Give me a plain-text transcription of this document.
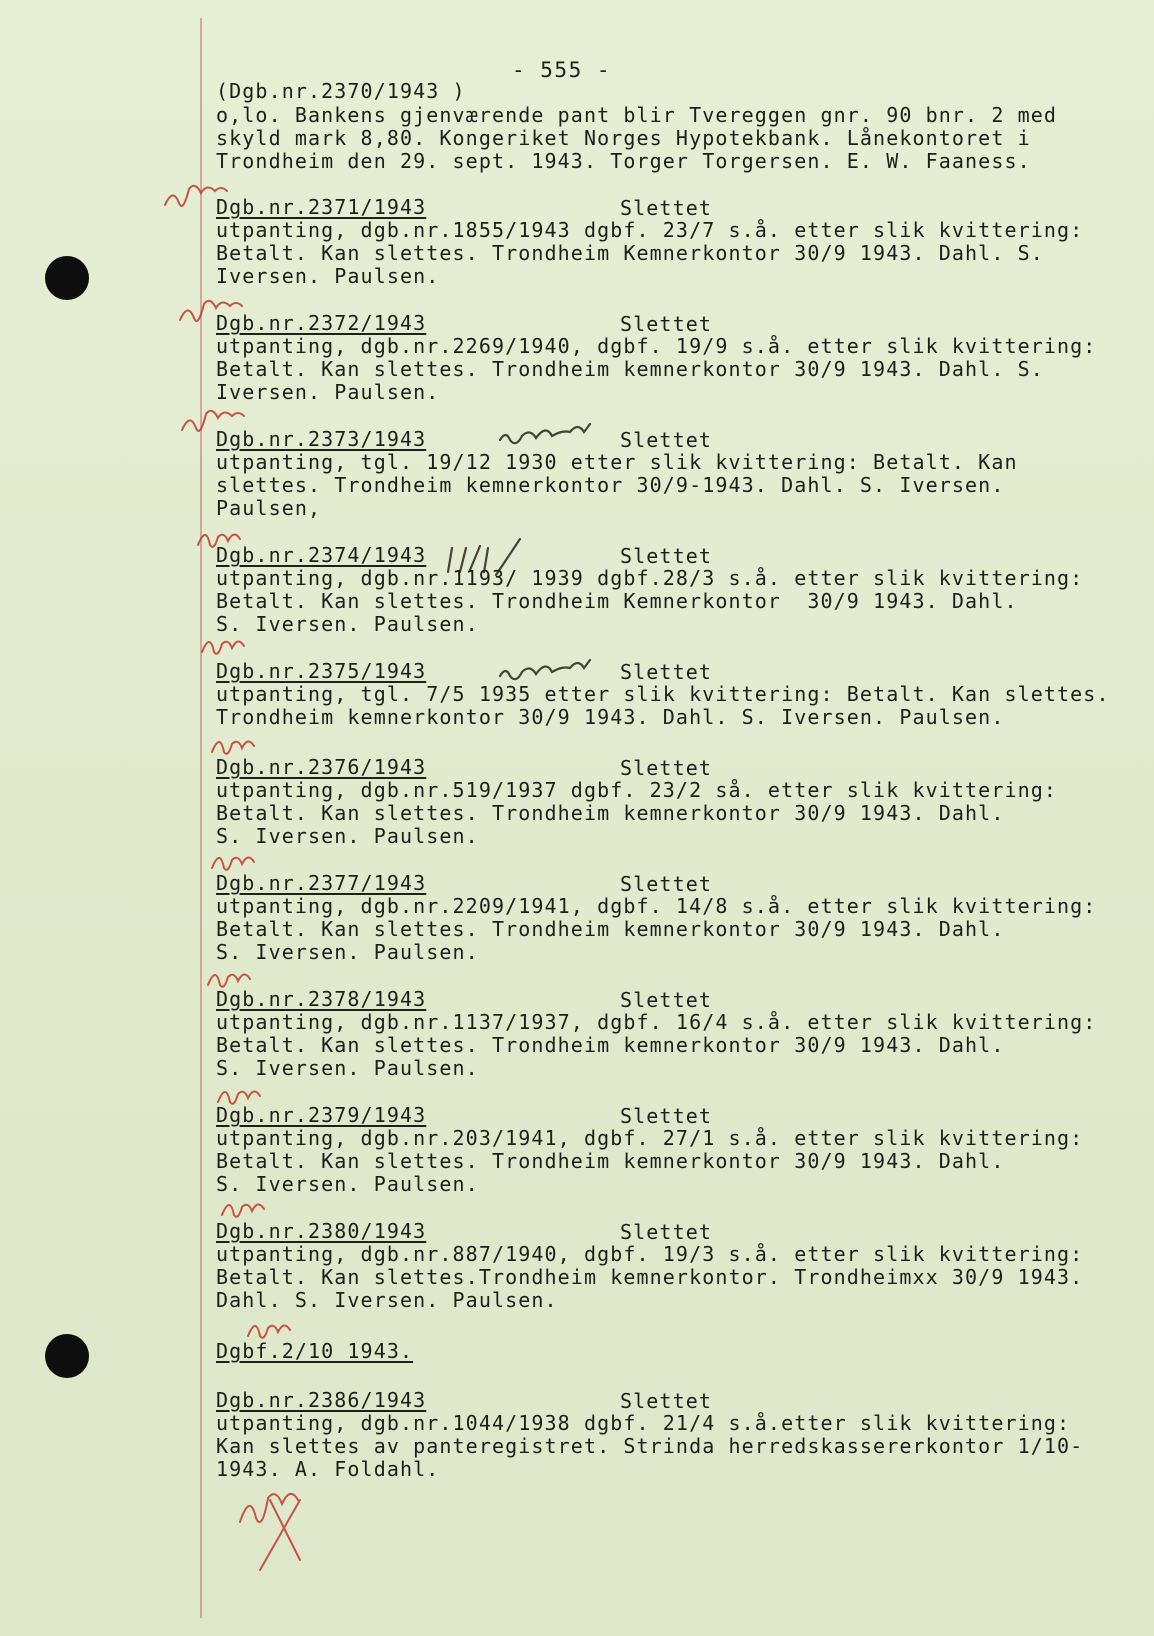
- 555 -
(Dgb.nr.2370/1943 )
o,lo. Bankens gjenværende pant blir Tvereggen gnr. 90 bnr. 2 med
skyld mark 8,80. Kongeriket Norges Hypotekbank. Lånekontoret i
Trondheim den 29. sept. 1943. Torger Torgersen. E. W. Faaness.
Dgb.nr.2371/1943	Slettet
utpanting, dgb.nr.1855/1943 dgbf. 23/7 s.å. etter slik kvittering:
Betalt. Kan slettes. Trondheim Kemnerkontor 30/9 1943. Dahl. S.
Iversen. Paulsen.
Dgb.nr.2372/1943	Slettet
utpanting, dgb.nr.2269/1940, dgbf. 19/9 s.å. etter slik kvittering:
Betalt. Kan slettes. Trondheim kemnerkontor 30/9 1943. Dahl. S.
Iversen. Paulsen.
Dgb.nr.2373/1943	Slettet
utpanting, tgl. 19/12 1930 etter slik kvittering: Betalt. Kan
slettes. Trondheim kemnerkontor 30/9-1943. Dahl. S. Iversen.
Paulsen,
Dgb.nr.2374/1943	Slettet
utpanting, dgb.nr.1193/ 1939 dgbf.28/3 s.å. etter slik kvittering:
Betalt. Kan slettes. Trondheim Kemnerkontor  30/9 1943. Dahl.
S. Iversen. Paulsen.
Dgb.nr.2375/1943	Slettet
utpanting, tgl. 7/5 1935 etter slik kvittering: Betalt. Kan slettes.
Trondheim kemnerkontor 30/9 1943. Dahl. S. Iversen. Paulsen.
Dgb.nr.2376/1943	Slettet
utpanting, dgb.nr.519/1937 dgbf. 23/2 så. etter slik kvittering:
Betalt. Kan slettes. Trondheim kemnerkontor 30/9 1943. Dahl.
S. Iversen. Paulsen.
Dgb.nr.2377/1943	Slettet
utpanting, dgb.nr.2209/1941, dgbf. 14/8 s.å. etter slik kvittering:
Betalt. Kan slettes. Trondheim kemnerkontor 30/9 1943. Dahl.
S. Iversen. Paulsen.
Dgb.nr.2378/1943	Slettet
utpanting, dgb.nr.1137/1937, dgbf. 16/4 s.å. etter slik kvittering:
Betalt. Kan slettes. Trondheim kemnerkontor 30/9 1943. Dahl.
S. Iversen. Paulsen.
Dgb.nr.2379/1943	Slettet
utpanting, dgb.nr.203/1941, dgbf. 27/1 s.å. etter slik kvittering:
Betalt. Kan slettes. Trondheim kemnerkontor 30/9 1943. Dahl.
S. Iversen. Paulsen.
Dgb.nr.2380/1943	Slettet
utpanting, dgb.nr.887/1940, dgbf. 19/3 s.å. etter slik kvittering:
Betalt. Kan slettes.Trondheim kemnerkontor. Trondheimxx 30/9 1943.
Dahl. S. Iversen. Paulsen.
Dgbf.2/10 1943.
Dgb.nr.2386/1943	Slettet
utpanting, dgb.nr.1044/1938 dgbf. 21/4 s.å.etter slik kvittering:
Kan slettes av panteregistret. Strinda herredskassererkontor 1/10-
1943. A. Foldahl.
